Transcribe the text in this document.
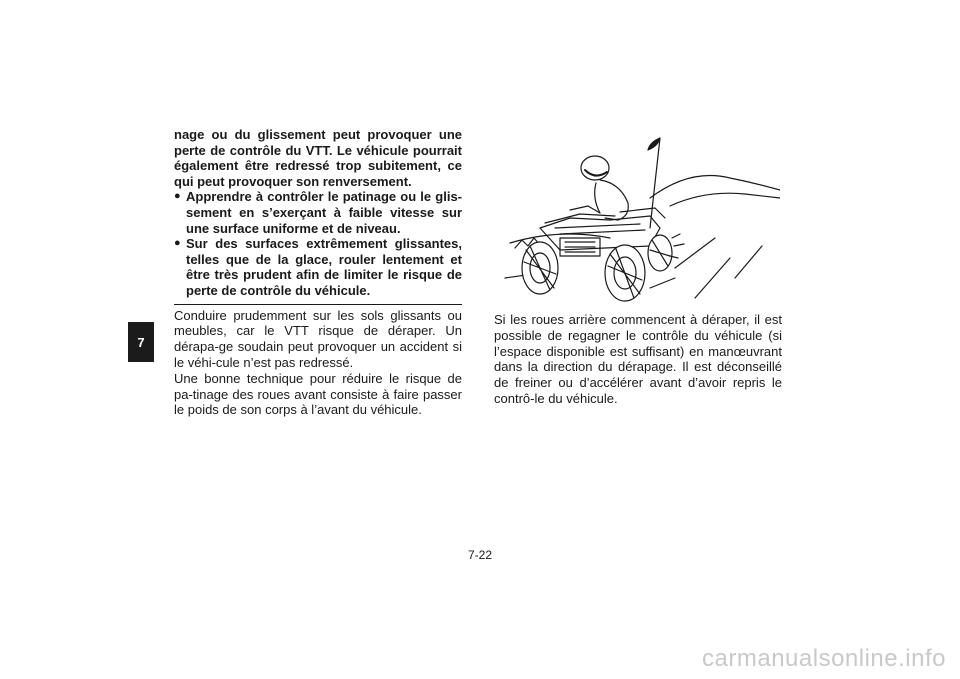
7

nage ou du glissement peut provoquer une perte de contrôle du VTT. Le véhicule pourrait également être redressé trop subitement, ce qui peut provoquer son renversement.

● Apprendre à contrôler le patinage ou le glis-sement en s’exerçant à faible vitesse sur une surface uniforme et de niveau.
● Sur des surfaces extrêmement glissantes, telles que de la glace, rouler lentement et être très prudent afin de limiter le risque de perte de contrôle du véhicule.

Conduire prudemment sur les sols glissants ou meubles, car le VTT risque de déraper. Un dérapa-ge soudain peut provoquer un accident si le véhi-cule n’est pas redressé.

Une bonne technique pour réduire le risque de pa-tinage des roues avant consiste à faire passer le poids de son corps à l’avant du véhicule.

Si les roues arrière commencent à déraper, il est possible de regagner le contrôle du véhicule (si l’espace disponible est suffisant) en manœuvrant dans la direction du dérapage. Il est déconseillé de freiner ou d’accélérer avant d’avoir repris le contrô-le du véhicule.

7-22
carmanualsonline.info
